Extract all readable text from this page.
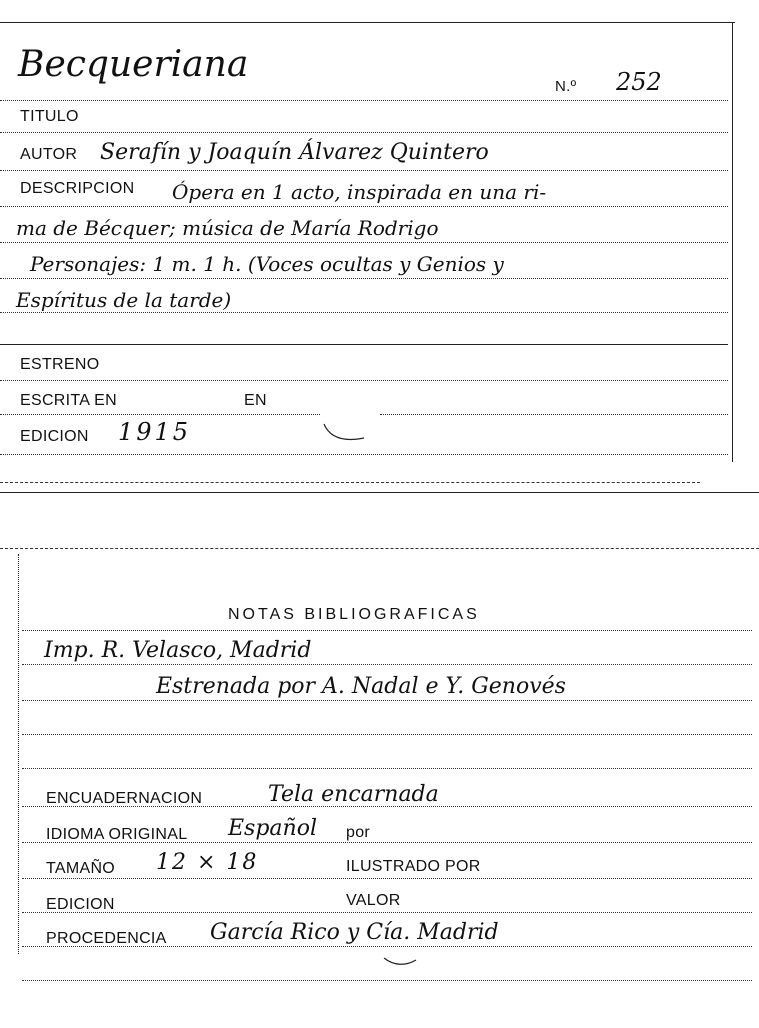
Becqueriana
N.º 252
TITULO
AUTOR Serafín y Joaquín Álvarez Quintero
DESCRIPCION Ópera en 1 acto, inspirada en una ri-
ma de Bécquer; música de María Rodrigo
Personajes: 1 m. 1 h. (Voces ocultas y Genios y
Espíritus de la tarde)
ESTRENO
ESCRITA EN	EN
EDICION 1915
NOTAS BIBLIOGRAFICAS
Imp. R. Velasco, Madrid
Estrenada por A. Nadal e Y. Genovés
ENCUADERNACION	Tela encarnada
IDIOMA ORIGINAL Español por
TAMAÑO 12 × 18	ILUSTRADO POR
EDICION	VALOR
PROCEDENCIA García Rico y Cía. Madrid
